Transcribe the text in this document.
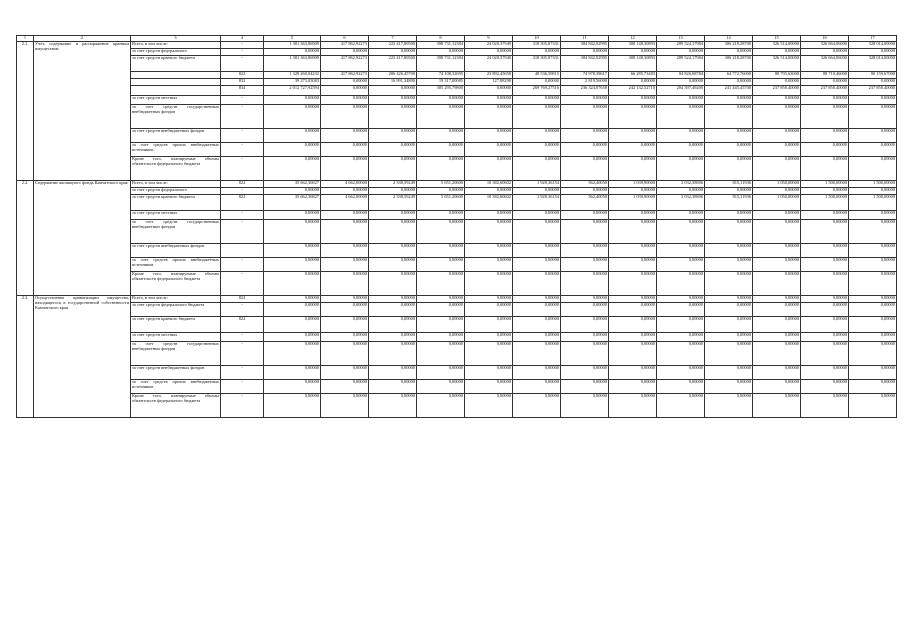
1	2	3	4	5	6	7	8	9	10	11	12	13	14	15	16	17
2.1.	Учет, содержание и распоряжение краевым имуществом	Всего, в том числе:	-	1 381 363,86909	417 862,92273	223 417,80500	398 731,12384	24 020,37949	318 305,87331	384 842,02995	308 148,30893	289 524,17984	306 218,28700	326 514,00000	326 664,06000	328 014,00000
		за счет средств федерального	-	0,00000	0,00000	0,00000	0,00000	0,00000	0,00000	0,00000	0,00000	0,00000	0,00000	0,00000	0,00000	0,00000
		за счет средств краевого бюджета	-	1 381 363,86909	417 862,92273	223 417,80500	398 731,12384	24 020,37949	318 305,87331	384 842,02995	308 148,30893	289 524,17984	306 218,28700	326 514,00000	326 664,06000	328 014,00000
			822	1 329 260,04232	417 862,92273	206 426,45700	74 108,32695	23 892,45658	48 536,59815	74 978,38617	66 285,73483	84 826,68784	64 772,76000	88 795,63000	88 710,46000	90 159,67000
			832	39 275,83083	0,00000	16 991,34800	19 317,00085	127,88298	0,00000	2 819,56000	0,00000	0,00000	0,00000	0,00000	0,00000	0,00000
			834	2 012 727,92594	0,00000	0,00000	305 295,79800	0,00000	269 769,27516	236 324,87658	242 132,52710	204 397,49200	241 445,45700	237 858,40000	237 858,40000	237 858,40000
		за счет средств местных	-	0,00000	0,00000	0,00000	0,00000	0,00000	0,00000	0,00000	0,00000	0,00000	0,00000	0,00000	0,00000	0,00000
		за счет средств государственных внебюджетных фондов	-	0,00000	0,00000	0,00000	0,00000	0,00000	0,00000	0,00000	0,00000	0,00000	0,00000	0,00000	0,00000	0,00000
		за счет средств внебюджетных фондов	-	0,00000	0,00000	0,00000	0,00000	0,00000	0,00000	0,00000	0,00000	0,00000	0,00000	0,00000	0,00000	0,00000
		за счет средств прочих внебюджетных источников	-	0,00000	0,00000	0,00000	0,00000	0,00000	0,00000	0,00000	0,00000	0,00000	0,00000	0,00000	0,00000	0,00000
		Кроме того, планируемые объемы обязательств федерального бюджета	-	0,00000	0,00000	0,00000	0,00000	0,00000	0,00000	0,00000	0,00000	0,00000	0,00000	0,00000	0,00000	0,00000
2.2.	Содержание жилищного фонда Камчатского края	Всего, в том числе:	822	35 662,36827	4 662,00000	2 338,59249	5 651,20600	10 382,60602	1 928,36154	562,40050	1 039,90000	3 032,38806	815,11936	1 050,00000	1 500,00000	1 500,00000
		за счет средств федерального	-	0,00000	0,00000	0,00000	0,00000	0,00000	0,00000	0,00000	0,00000	0,00000	0,00000	0,00000	0,00000	0,00000
		за счет средств краевого бюджета	822	35 662,36827	4 662,00000	2 338,59249	5 651,20600	10 382,60602	1 928,36154	562,40050	1 039,90000	3 032,38806	815,11936	1 050,00000	1 500,00000	1 500,00000
		за счет средств местных	-	0,00000	0,00000	0,00000	0,00000	0,00000	0,00000	0,00000	0,00000	0,00000	0,00000	0,00000	0,00000	0,00000
		за счет средств государственных внебюджетных фондов	-	0,00000	0,00000	0,00000	0,00000	0,00000	0,00000	0,00000	0,00000	0,00000	0,00000	0,00000	0,00000	0,00000
		за счет средств внебюджетных фондов		0,00000	0,00000	0,00000	0,00000	0,00000	0,00000	0,00000	0,00000	0,00000	0,00000	0,00000	0,00000	0,00000
		за счет средств прочих внебюджетных источников	-	0,00000	0,00000	0,00000	0,00000	0,00000	0,00000	0,00000	0,00000	0,00000	0,00000	0,00000	0,00000	0,00000
		Кроме того, планируемые объемы обязательств федерального бюджета	-	0,00000	0,00000	0,00000	0,00000	0,00000	0,00000	0,00000	0,00000	0,00000	0,00000	0,00000	0,00000	0,00000
2.3.	Осуществление приватизации имущества, находящегося в государственной собственности Камчатского края	Всего, в том числе:	822	0,00000	0,00000	0,00000	0,00000	0,00000	0,00000	0,00000	0,00000	0,00000	0,00000	0,00000	0,00000	0,00000
		за счет средств федерального бюджета	-	0,00000	0,00000	0,00000	0,00000	0,00000	0,00000	0,00000	0,00000	0,00000	0,00000	0,00000	0,00000	0,00000
		за счет средств краевого бюджета	822	0,00000	0,00000	0,00000	0,00000	0,00000	0,00000	0,00000	0,00000	0,00000	0,00000	0,00000	0,00000	0,00000
		за счет средств местных	-	0,00000	0,00000	0,00000	0,00000	0,00000	0,00000	0,00000	0,00000	0,00000	0,00000	0,00000	0,00000	0,00000
		за счет средств государственных внебюджетных фондов	-	0,00000	0,00000	0,00000	0,00000	0,00000	0,00000	0,00000	0,00000	0,00000	0,00000	0,00000	0,00000	0,00000
		за счет средств внебюджетных фондов	-	0,00000	0,00000	0,00000	0,00000	0,00000	0,00000	0,00000	0,00000	0,00000	0,00000	0,00000	0,00000	0,00000
		за счет средств прочих внебюджетных источников	-	0,00000	0,00000	0,00000	0,00000	0,00000	0,00000	0,00000	0,00000	0,00000	0,00000	0,00000	0,00000	0,00000
		Кроме того, планируемые объемы обязательств федерального бюджета	-	0,00000	0,00000	0,00000	0,00000	0,00000	0,00000	0,00000	0,00000	0,00000	0,00000	0,00000	0,00000	0,00000
